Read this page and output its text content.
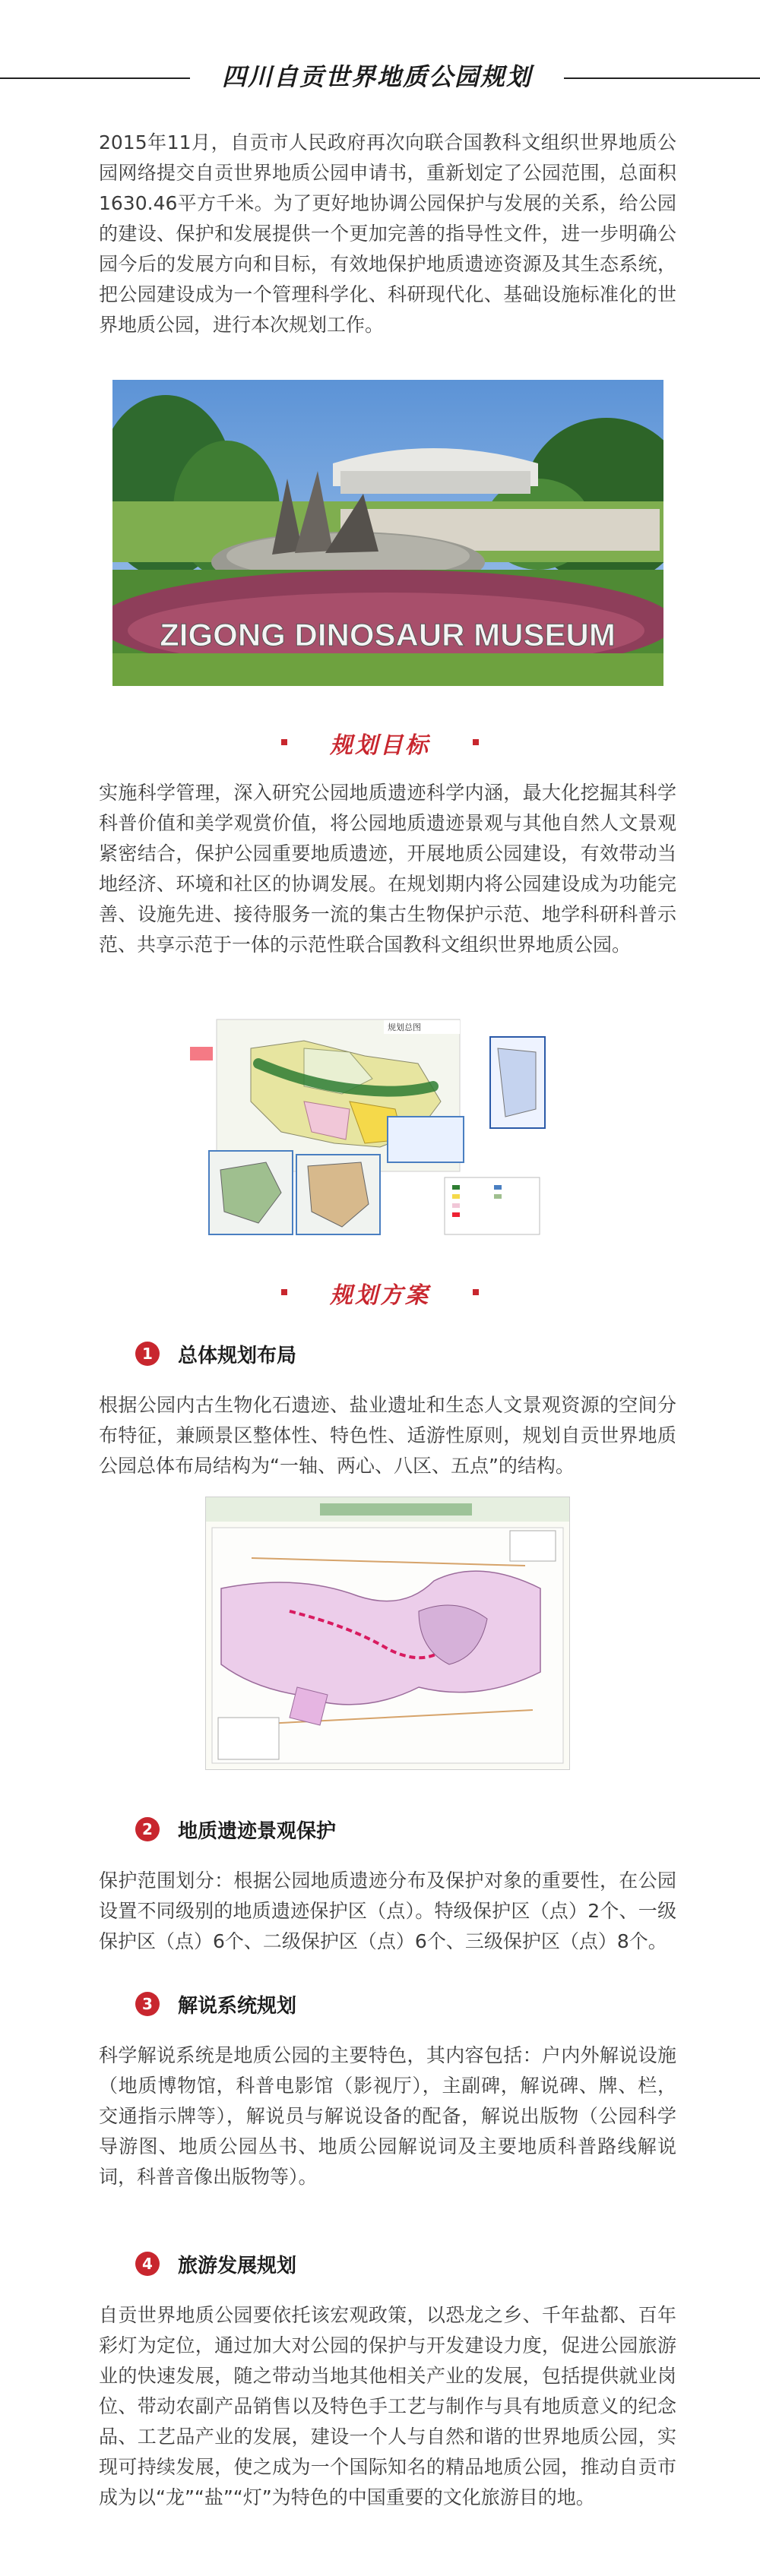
四川自贡世界地质公园规划

2015年11月，自贡市人民政府再次向联合国教科文组织世界地质公园网络提交自贡世界地质公园申请书，重新划定了公园范围，总面积1630.46平方千米。为了更好地协调公园保护与发展的关系，给公园的建设、保护和发展提供一个更加完善的指导性文件，进一步明确公园今后的发展方向和目标，有效地保护地质遗迹资源及其生态系统，把公园建设成为一个管理科学化、科研现代化、基础设施标准化的世界地质公园，进行本次规划工作。

ZIGONG DINOSAUR MUSEUM
规划目标

实施科学管理，深入研究公园地质遗迹科学内涵，最大化挖掘其科学科普价值和美学观赏价值，将公园地质遗迹景观与其他自然人文景观紧密结合，保护公园重要地质遗迹，开展地质公园建设，有效带动当地经济、环境和社区的协调发展。在规划期内将公园建设成为功能完善、设施先进、接待服务一流的集古生物保护示范、地学科研科普示范、共享示范于一体的示范性联合国教科文组织世界地质公园。

规划总图
规划方案
1	总体规划布局

根据公园内古生物化石遗迹、盐业遗址和生态人文景观资源的空间分布特征，兼顾景区整体性、特色性、适游性原则，规划自贡世界地质公园总体布局结构为“一轴、两心、八区、五点”的结构。

2	地质遗迹景观保护

保护范围划分：根据公园地质遗迹分布及保护对象的重要性，在公园设置不同级别的地质遗迹保护区（点）。特级保护区（点）2个、一级保护区（点）6个、二级保护区（点）6个、三级保护区（点）8个。

3	解说系统规划

科学解说系统是地质公园的主要特色，其内容包括：户内外解说设施（地质博物馆，科普电影馆（影视厅），主副碑，解说碑、牌、栏，交通指示牌等），解说员与解说设备的配备，解说出版物（公园科学导游图、地质公园丛书、地质公园解说词及主要地质科普路线解说词，科普音像出版物等）。

4	旅游发展规划

自贡世界地质公园要依托该宏观政策，以恐龙之乡、千年盐都、百年彩灯为定位，通过加大对公园的保护与开发建设力度，促进公园旅游业的快速发展，随之带动当地其他相关产业的发展，包括提供就业岗位、带动农副产品销售以及特色手工艺与制作与具有地质意义的纪念品、工艺品产业的发展，建设一个人与自然和谐的世界地质公园，实现可持续发展，使之成为一个国际知名的精品地质公园，推动自贡市成为以“龙”“盐”“灯”为特色的中国重要的文化旅游目的地。
